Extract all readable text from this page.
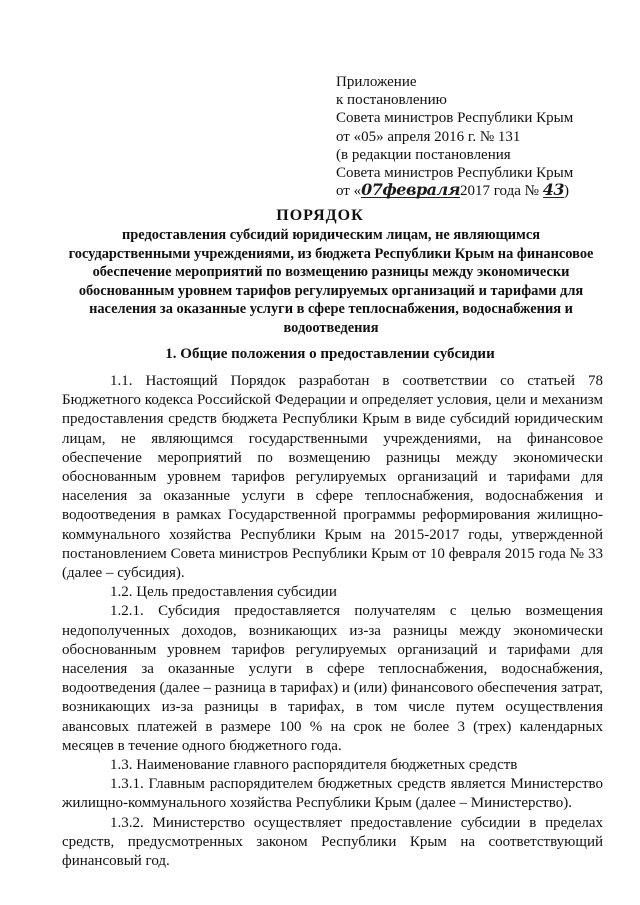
Приложение
к постановлению
Совета министров Республики Крым
от «05» апреля 2016 г. № 131
(в редакции постановления
Совета министров Республики Крым
от «07февраля2017 года № 43)
ПОРЯДОК
предоставления субсидий юридическим лицам, не являющимся государственными учреждениями, из бюджета Республики Крым на финансовое обеспечение мероприятий по возмещению разницы между экономически обоснованным уровнем тарифов регулируемых организаций и тарифами для населения за оказанные услуги в сфере теплоснабжения, водоснабжения и водоотведения
1. Общие положения о предоставлении субсидии

1.1. Настоящий Порядок разработан в соответствии со статьей 78 Бюджетного кодекса Российской Федерации и определяет условия, цели и механизм предоставления средств бюджета Республики Крым в виде субсидий юридическим лицам, не являющимся государственными учреждениями, на финансовое обеспечение мероприятий по возмещению разницы между экономически обоснованным уровнем тарифов регулируемых организаций и тарифами для населения за оказанные услуги в сфере теплоснабжения, водоснабжения и водоотведения в рамках Государственной программы реформирования жилищно-коммунального хозяйства Республики Крым на 2015-2017 годы, утвержденной постановлением Совета министров Республики Крым от 10 февраля 2015 года № 33 (далее – субсидия).

1.2. Цель предоставления субсидии

1.2.1. Субсидия предоставляется получателям с целью возмещения недополученных доходов, возникающих из-за разницы между экономически обоснованным уровнем тарифов регулируемых организаций и тарифами для населения за оказанные услуги в сфере теплоснабжения, водоснабжения, водоотведения (далее – разница в тарифах) и (или) финансового обеспечения затрат, возникающих из-за разницы в тарифах, в том числе путем осуществления авансовых платежей в размере 100 % на срок не более 3 (трех) календарных месяцев в течение одного бюджетного года.

1.3. Наименование главного распорядителя бюджетных средств

1.3.1. Главным распорядителем бюджетных средств является Министерство жилищно-коммунального хозяйства Республики Крым (далее – Министерство).

1.3.2. Министерство осуществляет предоставление субсидии в пределах средств, предусмотренных законом Республики Крым на соответствующий финансовый год.
